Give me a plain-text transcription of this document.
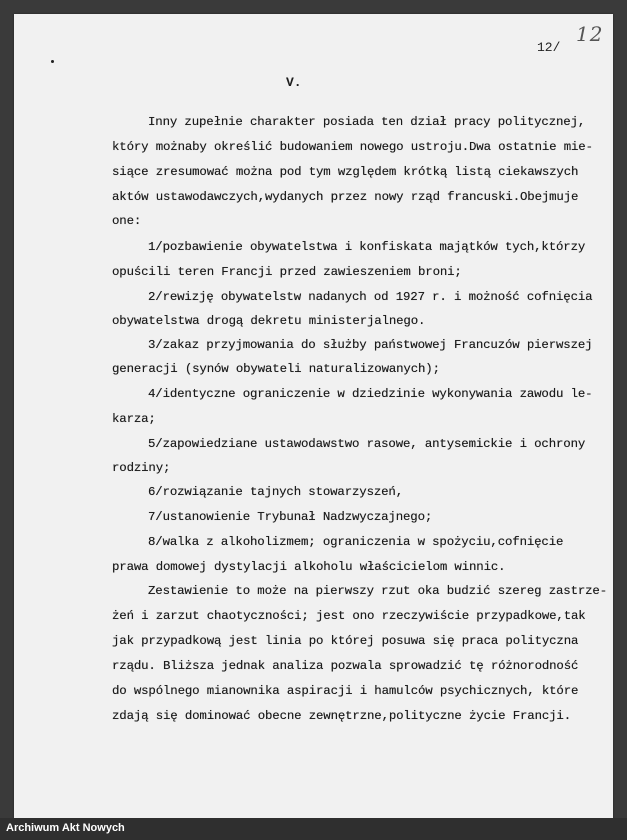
12
12/
V.
Inny zupełnie charakter posiada ten dział pracy politycznej,
który możnaby określić budowaniem nowego ustroju.Dwa ostatnie mie-
siące zresumować można pod tym względem krótką listą ciekawszych
aktów ustawodawczych,wydanych przez nowy rząd francuski.Obejmuje
one:
1/pozbawienie obywatelstwa i konfiskata majątków tych,którzy
opuścili teren Francji przed zawieszeniem broni;
2/rewizję obywatelstw nadanych od 1927 r. i możność cofnięcia
obywatelstwa drogą dekretu ministerjalnego.
3/zakaz przyjmowania do służby państwowej Francuzów pierwszej
generacji (synów obywateli naturalizowanych);
4/identyczne ograniczenie w dziedzinie wykonywania zawodu le-
karza;
5/zapowiedziane ustawodawstwo rasowe, antysemickie i ochrony
rodziny;
6/rozwiązanie tajnych stowarzyszeń,
7/ustanowienie Trybunał Nadzwyczajnego;
8/walka z alkoholizmem; ograniczenia w spożyciu,cofnięcie
prawa domowej dystylacji alkoholu właścicielom winnic.
Zestawienie to może na pierwszy rzut oka budzić szereg zastrze-
żeń i zarzut chaotyczności; jest ono rzeczywiście przypadkowe,tak
jak przypadkową jest linia po której posuwa się praca polityczna
rządu. Bliższa jednak analiza pozwala sprowadzić tę różnorodność
do wspólnego mianownika aspiracji i hamulców psychicznych, które
zdają się dominować obecne zewnętrzne,polityczne życie Francji.
Archiwum Akt Nowych
